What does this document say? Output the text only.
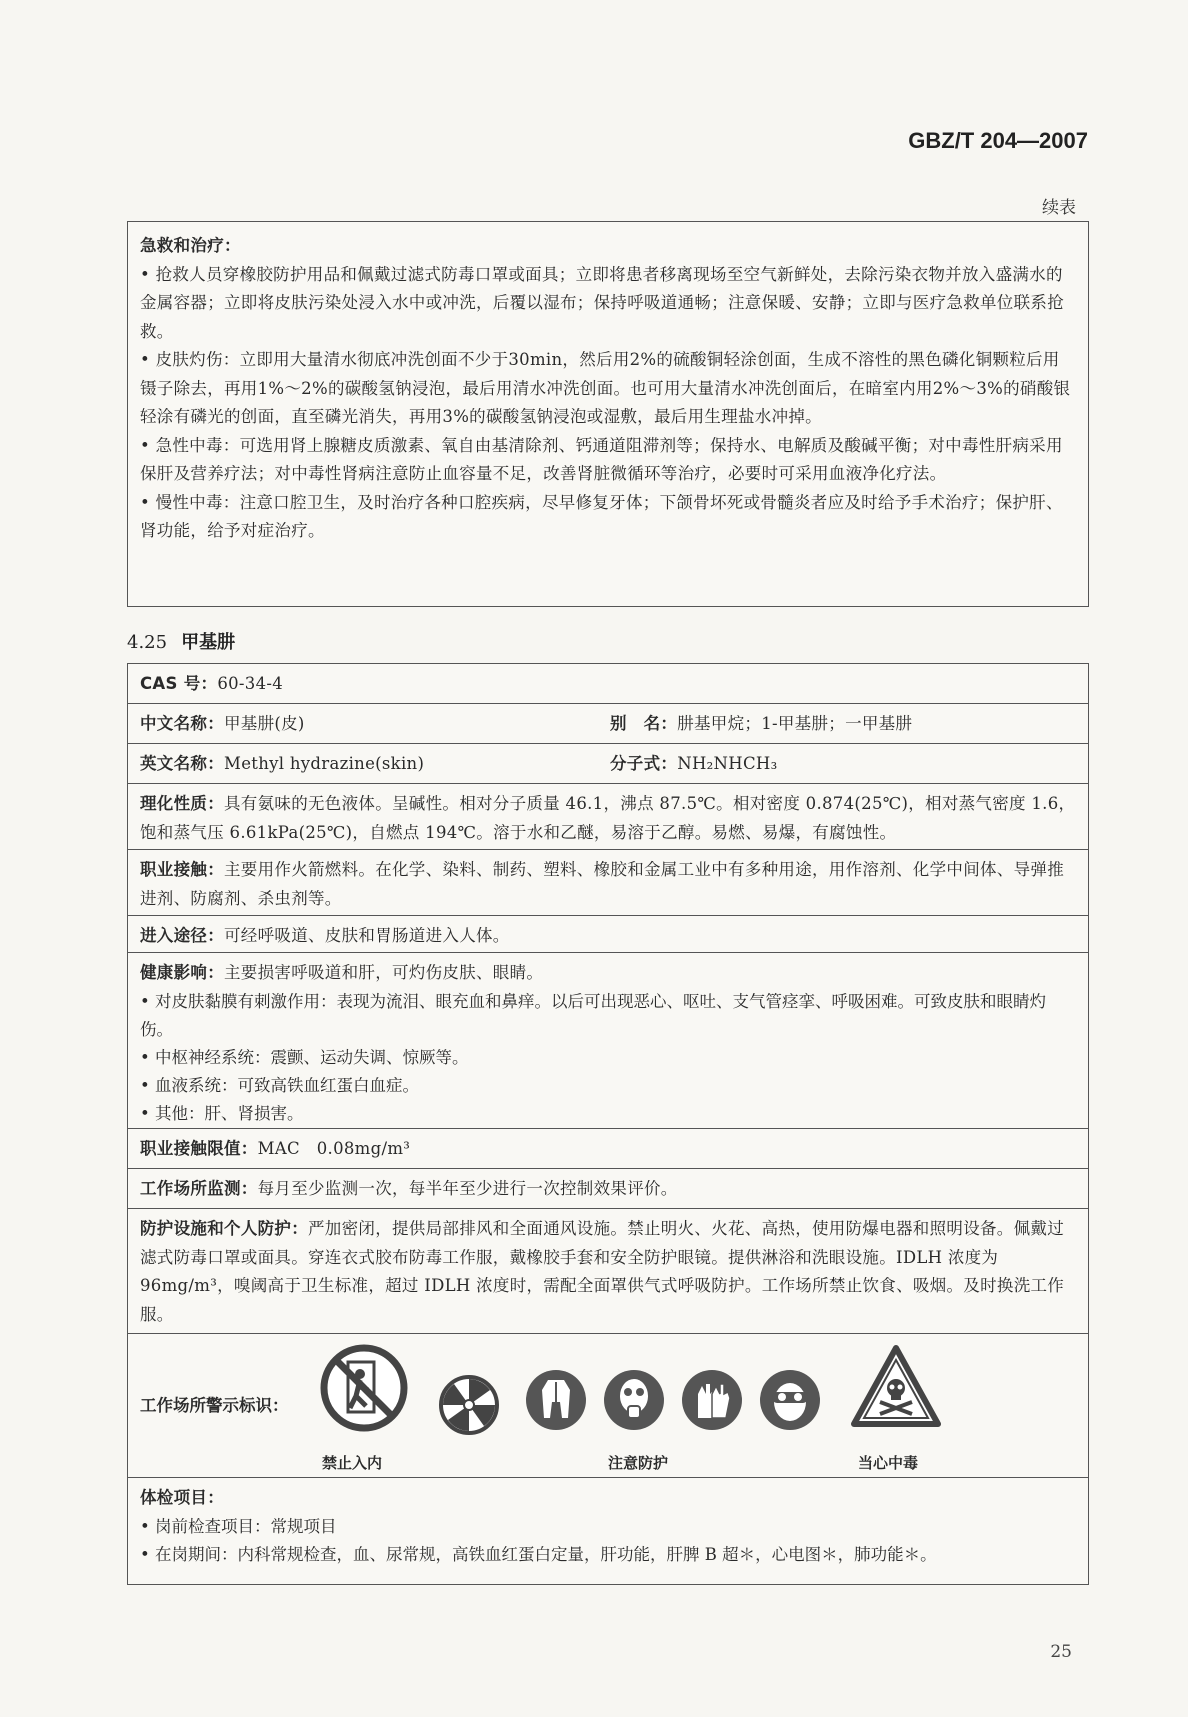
GBZ/T 204—2007
续表

急救和治疗：

• 抢救人员穿橡胶防护用品和佩戴过滤式防毒口罩或面具；立即将患者移离现场至空气新鲜处，去除污染衣物并放入盛满水的金属容器；立即将皮肤污染处浸入水中或冲洗，后覆以湿布；保持呼吸道通畅；注意保暖、安静；立即与医疗急救单位联系抢救。

• 皮肤灼伤：立即用大量清水彻底冲洗创面不少于30min，然后用2%的硫酸铜轻涂创面，生成不溶性的黑色磷化铜颗粒后用镊子除去，再用1%～2%的碳酸氢钠浸泡，最后用清水冲洗创面。也可用大量清水冲洗创面后，在暗室内用2%～3%的硝酸银轻涂有磷光的创面，直至磷光消失，再用3%的碳酸氢钠浸泡或湿敷，最后用生理盐水冲掉。

• 急性中毒：可选用肾上腺糖皮质激素、氧自由基清除剂、钙通道阻滞剂等；保持水、电解质及酸碱平衡；对中毒性肝病采用保肝及营养疗法；对中毒性肾病注意防止血容量不足，改善肾脏微循环等治疗，必要时可采用血液净化疗法。

• 慢性中毒：注意口腔卫生，及时治疗各种口腔疾病，尽早修复牙体；下颌骨坏死或骨髓炎者应及时给予手术治疗；保护肝、肾功能，给予对症治疗。

4.25 甲基肼

CAS 号：60-34-4

中文名称：甲基肼(皮)	别　名：肼基甲烷；1-甲基肼；一甲基肼

英文名称：Methyl hydrazine(skin)	分子式：NH₂NHCH₃

理化性质：具有氨味的无色液体。呈碱性。相对分子质量 46.1，沸点 87.5℃。相对密度 0.874(25℃)，相对蒸气密度 1.6，饱和蒸气压 6.61kPa(25℃)，自燃点 194℃。溶于水和乙醚，易溶于乙醇。易燃、易爆，有腐蚀性。

职业接触：主要用作火箭燃料。在化学、染料、制药、塑料、橡胶和金属工业中有多种用途，用作溶剂、化学中间体、导弹推进剂、防腐剂、杀虫剂等。

进入途径：可经呼吸道、皮肤和胃肠道进入人体。

健康影响：主要损害呼吸道和肝，可灼伤皮肤、眼睛。

• 对皮肤黏膜有刺激作用：表现为流泪、眼充血和鼻痒。以后可出现恶心、呕吐、支气管痉挛、呼吸困难。可致皮肤和眼睛灼伤。

• 中枢神经系统：震颤、运动失调、惊厥等。

• 血液系统：可致高铁血红蛋白血症。

• 其他：肝、肾损害。

职业接触限值：MAC　0.08mg/m³

工作场所监测：每月至少监测一次，每半年至少进行一次控制效果评价。

防护设施和个人防护：严加密闭，提供局部排风和全面通风设施。禁止明火、火花、高热，使用防爆电器和照明设备。佩戴过滤式防毒口罩或面具。穿连衣式胶布防毒工作服，戴橡胶手套和安全防护眼镜。提供淋浴和洗眼设施。IDLH 浓度为 96mg/m³，嗅阈高于卫生标准，超过 IDLH 浓度时，需配全面罩供气式呼吸防护。工作场所禁止饮食、吸烟。及时换洗工作服。

工作场所警示标识：
禁止入内	注意防护	当心中毒

体检项目：

• 岗前检查项目：常规项目

• 在岗期间：内科常规检查，血、尿常规，高铁血红蛋白定量，肝功能，肝脾 B 超＊，心电图＊，肺功能＊。

25
